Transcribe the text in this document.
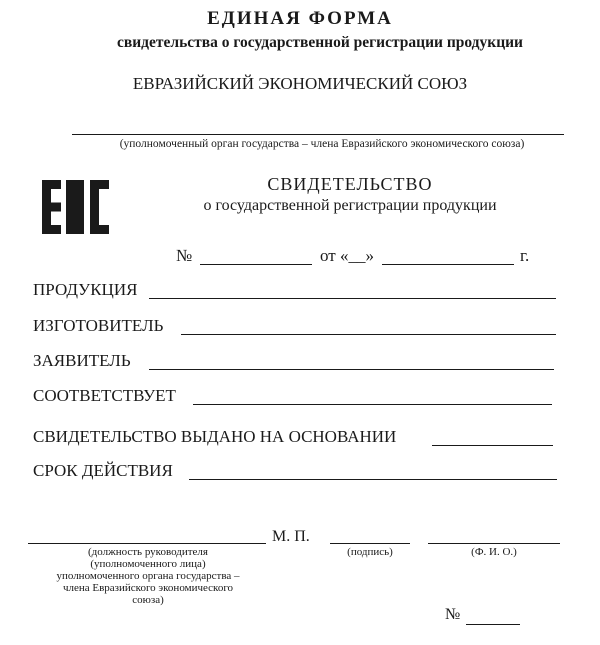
ЕДИНАЯ ФОРМА
свидетельства о государственной регистрации продукции
ЕВРАЗИЙСКИЙ ЭКОНОМИЧЕСКИЙ СОЮЗ
(уполномоченный орган государства – члена Евразийского экономического союза)
СВИДЕТЕЛЬСТВО
о государственной регистрации продукции
№	от «__»	г.
ПРОДУКЦИЯ
ИЗГОТОВИТЕЛЬ
ЗАЯВИТЕЛЬ
СООТВЕТСТВУЕТ
СВИДЕТЕЛЬСТВО ВЫДАНО НА ОСНОВАНИИ
СРОК ДЕЙСТВИЯ
М. П.
(должность руководителя
(уполномоченного лица)
уполномоченного органа государства –
члена Евразийского экономического
союза)
(подпись)	(Ф. И. О.)
№
